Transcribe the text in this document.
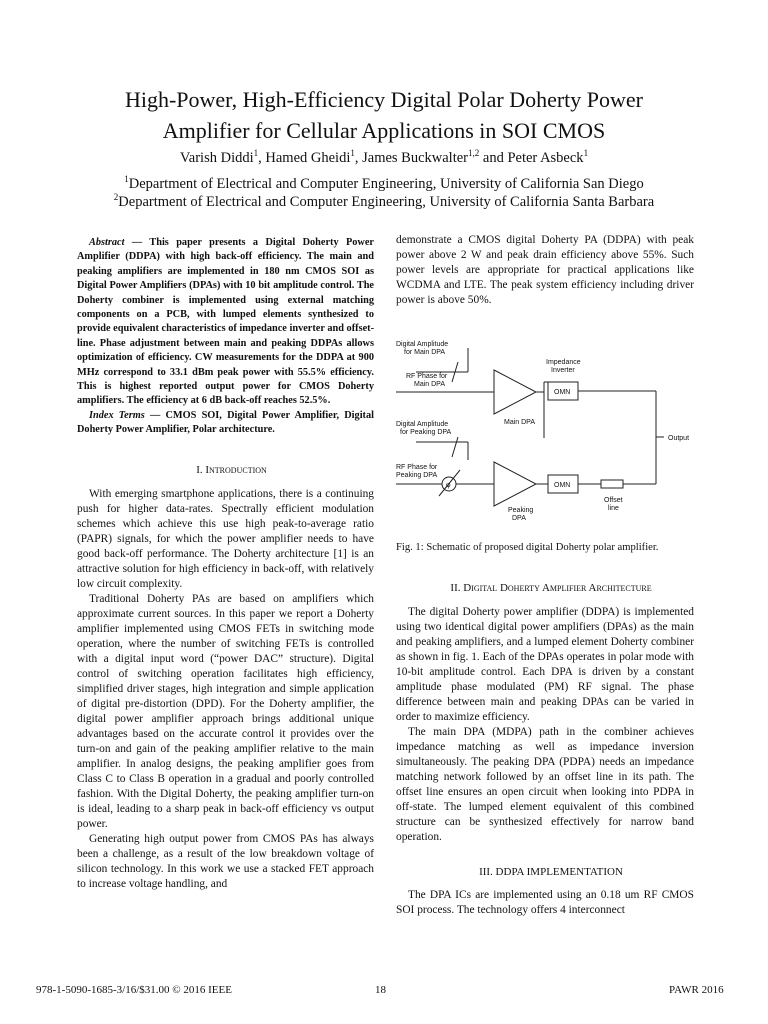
High-Power, High-Efficiency Digital Polar Doherty Power
Amplifier for Cellular Applications in SOI CMOS
Varish Diddi$^1$, Hamed Gheidi$^1$, James Buckwalter$^{1,2}$ and Peter Asbeck$^1$
$^1$Department of Electrical and Computer Engineering, University of California San Diego
$^2$Department of Electrical and Computer Engineering, University of California Santa Barbara

Abstract — This paper presents a Digital Doherty Power Amplifier (DDPA) with high back-off efficiency. The main and peaking amplifiers are implemented in 180 nm CMOS SOI as Digital Power Amplifiers (DPAs) with 10 bit amplitude control. The Doherty combiner is implemented using external matching components on a PCB, with lumped elements synthesized to provide equivalent characteristics of impedance inverter and offset-line. Phase adjustment between main and peaking DDPAs allows optimization of efficiency. CW measurements for the DDPA at 900 MHz correspond to 33.1 dBm peak power with 55.5% efficiency. This is highest reported output power for CMOS Doherty amplifiers. The efficiency at 6 dB back-off reaches 52.5%.

Index Terms — CMOS SOI, Digital Power Amplifier, Digital Doherty Power Amplifier, Polar architecture.

I. Introduction

With emerging smartphone applications, there is a continuing push for higher data-rates. Spectrally efficient modulation schemes which achieve this use high peak-to-average ratio (PAPR) signals, for which the power amplifier needs to have good back-off performance. The Doherty architecture [1] is an attractive solution for high efficiency in back-off, with relatively low circuit complexity.

Traditional Doherty PAs are based on amplifiers which approximate current sources. In this paper we report a Doherty amplifier implemented using CMOS FETs in switching mode operation, where the number of switching FETs is controlled with a digital input word (“power DAC” structure). Digital control of switching operation facilitates high efficiency, simplified driver stages, high integration and simple application of digital pre-distortion (DPD). For the Doherty amplifier, the digital power amplifier approach brings additional unique advantages based on the accurate control it provides over the turn-on and gain of the peaking amplifier relative to the main amplifier. In analog designs, the peaking amplifier goes from Class C to Class B operation in a gradual and poorly controlled fashion. With the Digital Doherty, the peaking amplifier turn-on is ideal, leading to a sharp peak in back-off efficiency vs output power.

Generating high output power from CMOS PAs has always been a challenge, as a result of the low breakdown voltage of silicon technology. In this work we use a stacked FET approach to increase voltage handling, and

demonstrate a CMOS digital Doherty PA (DDPA) with peak power above 2 W and peak drain efficiency above 55%. Such power levels are appropriate for practical applications like WCDMA and LTE. The peak system efficiency including driver power is above 50%.

Digital Amplitude
for Main DPA
RF Phase for
Main DPA
Impedance
Inverter
OMN
Main DPA
Digital Amplitude
for Peaking DPA
RF Phase for
Peaking DPA
φ	OMN
Peaking
DPA
Offset
line
Output

Fig. 1: Schematic of proposed digital Doherty polar amplifier.

II. Digital Doherty Amplifier Architecture

The digital Doherty power amplifier (DDPA) is implemented using two identical digital power amplifiers (DPAs) as the main and peaking amplifiers, and a lumped element Doherty combiner as shown in fig. 1. Each of the DPAs operates in polar mode with 10-bit amplitude control. Each DPA is driven by a constant amplitude phase modulated (PM) RF signal. The phase difference between main and peaking DPAs can be varied in order to maximize efficiency.

The main DPA (MDPA) path in the combiner achieves impedance matching as well as impedance inversion simultaneously. The peaking DPA (PDPA) needs an impedance matching network followed by an offset line in its path. The offset line ensures an open circuit when looking into PDPA in off-state. The lumped element equivalent of this combined structure can be synthesized effectively for narrow band operation.

III. DDPA IMPLEMENTATION

The DPA ICs are implemented using an 0.18 um RF CMOS SOI process. The technology offers 4 interconnect

978-1-5090-1685-3/16/$31.00 © 2016 IEEE	18	PAWR 2016
